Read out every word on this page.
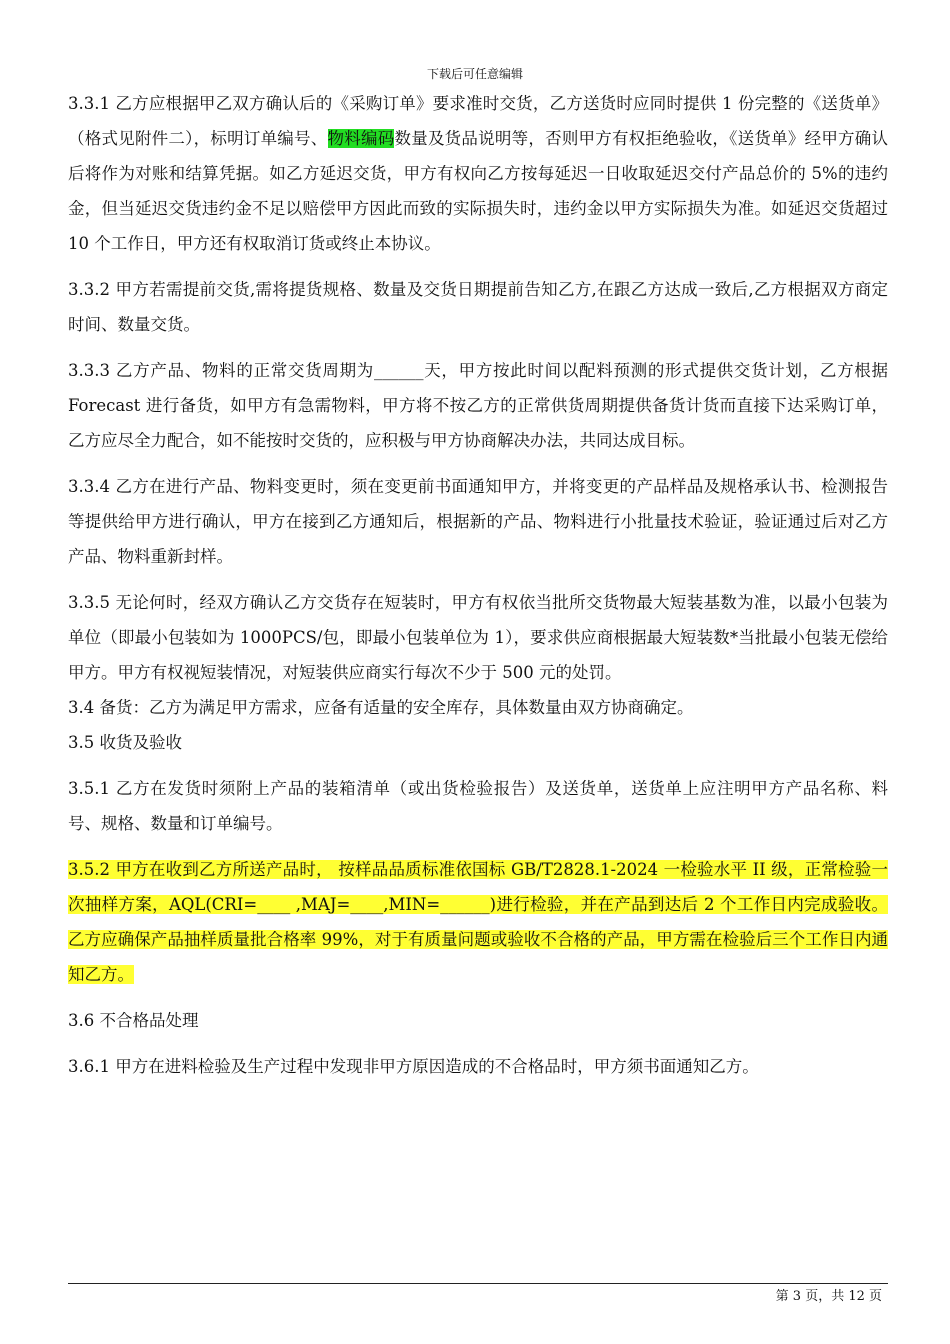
下载后可任意编辑

3.3.1 乙方应根据甲乙双方确认后的《采购订单》要求准时交货，乙方送货时应同时提供 1 份完整的《送货单》（格式见附件二），标明订单编号、物料编码数量及货品说明等，否则甲方有权拒绝验收，《送货单》经甲方确认后将作为对账和结算凭据。如乙方延迟交货，甲方有权向乙方按每延迟一日收取延迟交付产品总价的 5%的违约金，但当延迟交货违约金不足以赔偿甲方因此而致的实际损失时，违约金以甲方实际损失为准。如延迟交货超过 10 个工作日，甲方还有权取消订货或终止本协议。

3.3.2 甲方若需提前交货,需将提货规格、数量及交货日期提前告知乙方,在跟乙方达成一致后,乙方根据双方商定时间、数量交货。

3.3.3 乙方产品、物料的正常交货周期为______天，甲方按此时间以配料预测的形式提供交货计划，乙方根据 Forecast 进行备货，如甲方有急需物料，甲方将不按乙方的正常供货周期提供备货计货而直接下达采购订单，乙方应尽全力配合，如不能按时交货的，应积极与甲方协商解决办法，共同达成目标。

3.3.4 乙方在进行产品、物料变更时，须在变更前书面通知甲方，并将变更的产品样品及规格承认书、检测报告等提供给甲方进行确认，甲方在接到乙方通知后，根据新的产品、物料进行小批量技术验证，验证通过后对乙方产品、物料重新封样。

3.3.5 无论何时，经双方确认乙方交货存在短装时，甲方有权依当批所交货物最大短装基数为准，以最小包装为单位（即最小包装如为 1000PCS/包，即最小包装单位为 1），要求供应商根据最大短装数*当批最小包装无偿给甲方。甲方有权视短装情况，对短装供应商实行每次不少于 500 元的处罚。

3.4 备货：乙方为满足甲方需求，应备有适量的安全库存，具体数量由双方协商确定。

3.5 收货及验收

3.5.1 乙方在发货时须附上产品的装箱清单（或出货检验报告）及送货单，送货单上应注明甲方产品名称、料号、规格、数量和订单编号。

3.5.2 甲方在收到乙方所送产品时， 按样品品质标准依国标 GB/T2828.1-2024 一检验水平 II 级，正常检验一次抽样方案，AQL(CRI=____ ,MAJ=____,MIN=______)进行检验，并在产品到达后 2 个工作日内完成验收。乙方应确保产品抽样质量批合格率 99%，对于有质量问题或验收不合格的产品，甲方需在检验后三个工作日内通知乙方。

3.6 不合格品处理

3.6.1 甲方在进料检验及生产过程中发现非甲方原因造成的不合格品时，甲方须书面通知乙方。

第 3 页，共 12 页
